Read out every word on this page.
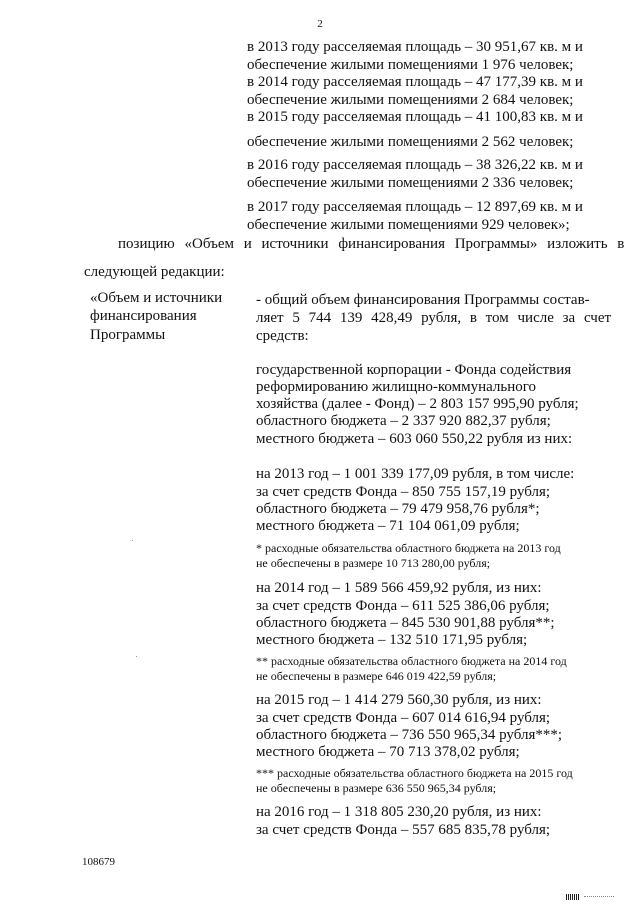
2
в 2013 году расселяемая площадь – 30 951,67 кв. м и
обеспечение жилыми помещениями 1 976 человек;
в 2014 году расселяемая площадь – 47 177,39 кв. м и
обеспечение жилыми помещениями 2 684 человек;
в 2015 году расселяемая площадь – 41 100,83 кв. м и
обеспечение жилыми помещениями 2 562 человек;
в 2016 году расселяемая площадь – 38 326,22 кв. м и
обеспечение жилыми помещениями 2 336 человек;
в 2017 году расселяемая площадь – 12 897,69 кв. м и
обеспечение жилыми помещениями 929 человек»;
позицию «Объем и источники финансирования Программы» изложить в
следующей редакции:
«Объем и источники
финансирования
Программы
- общий объем финансирования Программы состав-
ляет 5 744 139 428,49 рубля, в том числе за счет
средств:
государственной корпорации - Фонда содействия
реформированию жилищно-коммунального
хозяйства (далее - Фонд) – 2 803 157 995,90 рубля;
областного бюджета – 2 337 920 882,37 рубля;
местного бюджета – 603 060 550,22 рубля из них:
на 2013 год – 1 001 339 177,09 рубля, в том числе:
за счет средств Фонда – 850 755 157,19 рубля;
областного бюджета – 79 479 958,76 рубля*;
местного бюджета – 71 104 061,09 рубля;
* расходные обязательства областного бюджета на 2013 год
не обеспечены в размере 10 713 280,00 рубля;
на 2014 год – 1 589 566 459,92 рубля, из них:
за счет средств Фонда – 611 525 386,06 рубля;
областного бюджета – 845 530 901,88 рубля**;
местного бюджета – 132 510 171,95 рубля;
** расходные обязательства областного бюджета на 2014 год
не обеспечены в размере 646 019 422,59 рубля;
на 2015 год – 1 414 279 560,30 рубля, из них:
за счет средств Фонда – 607 014 616,94 рубля;
областного бюджета – 736 550 965,34 рубля***;
местного бюджета – 70 713 378,02 рубля;
*** расходные обязательства областного бюджета на 2015 год
не обеспечены в размере 636 550 965,34 рубля;
на 2016 год – 1 318 805 230,20 рубля, из них:
за счет средств Фонда – 557 685 835,78 рубля;
108679
